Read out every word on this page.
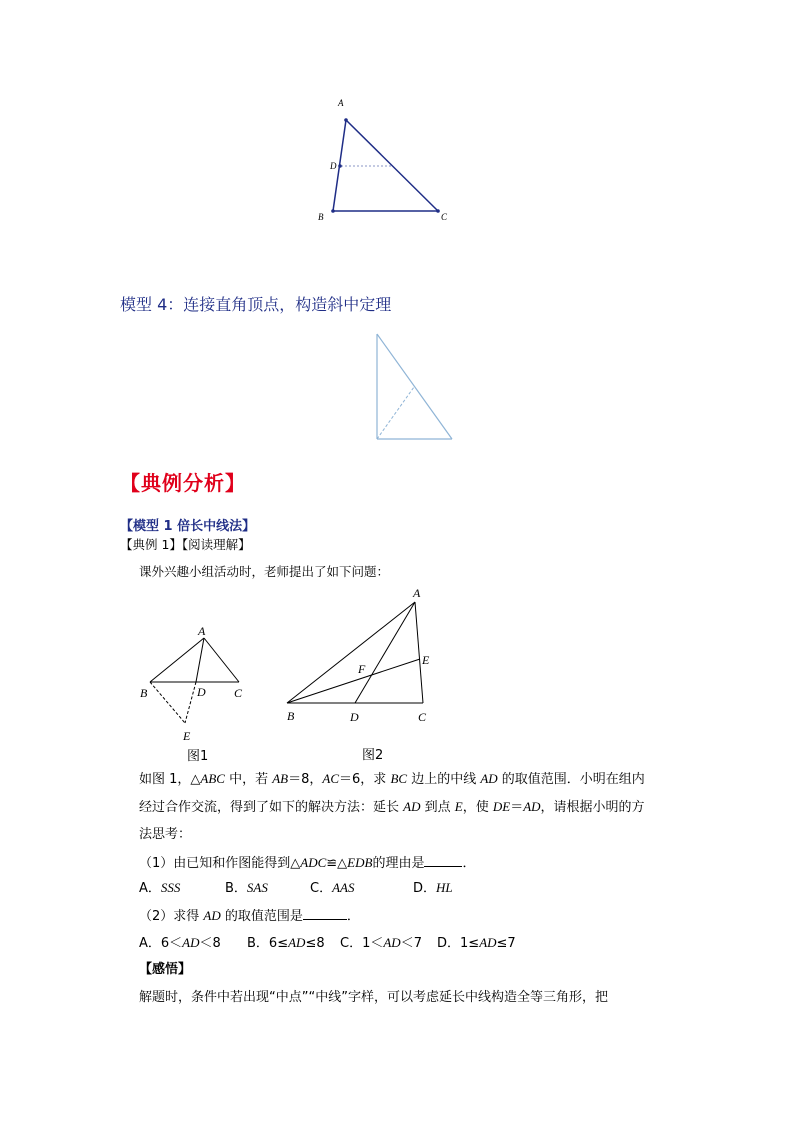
A
D
B	C
模型 4：连接直角顶点，构造斜中定理
【典例分析】
【模型 1 倍长中线法】
【典例 1】【阅读理解】
课外兴趣小组活动时，老师提出了如下问题：
A
B	D C
E
图1
A
F
E
B	D	C
图2
如图 1，△ABC 中，若 AB＝8，AC＝6，求 BC 边上的中线 AD 的取值范围．小明在组内
经过合作交流，得到了如下的解决方法：延长 AD 到点 E，使 DE＝AD，请根据小明的方
法思考：
（1）由已知和作图能得到△ADC≌△EDB的理由是	．
A．SSS	B．SAS	C．AAS	D．HL
（2）求得 AD 的取值范围是	．
A．6＜AD＜8 B．6≤AD≤8 C．1＜AD＜7 D．1≤AD≤7
【感悟】
解题时，条件中若出现“中点”“中线”字样，可以考虑延长中线构造全等三角形，把
